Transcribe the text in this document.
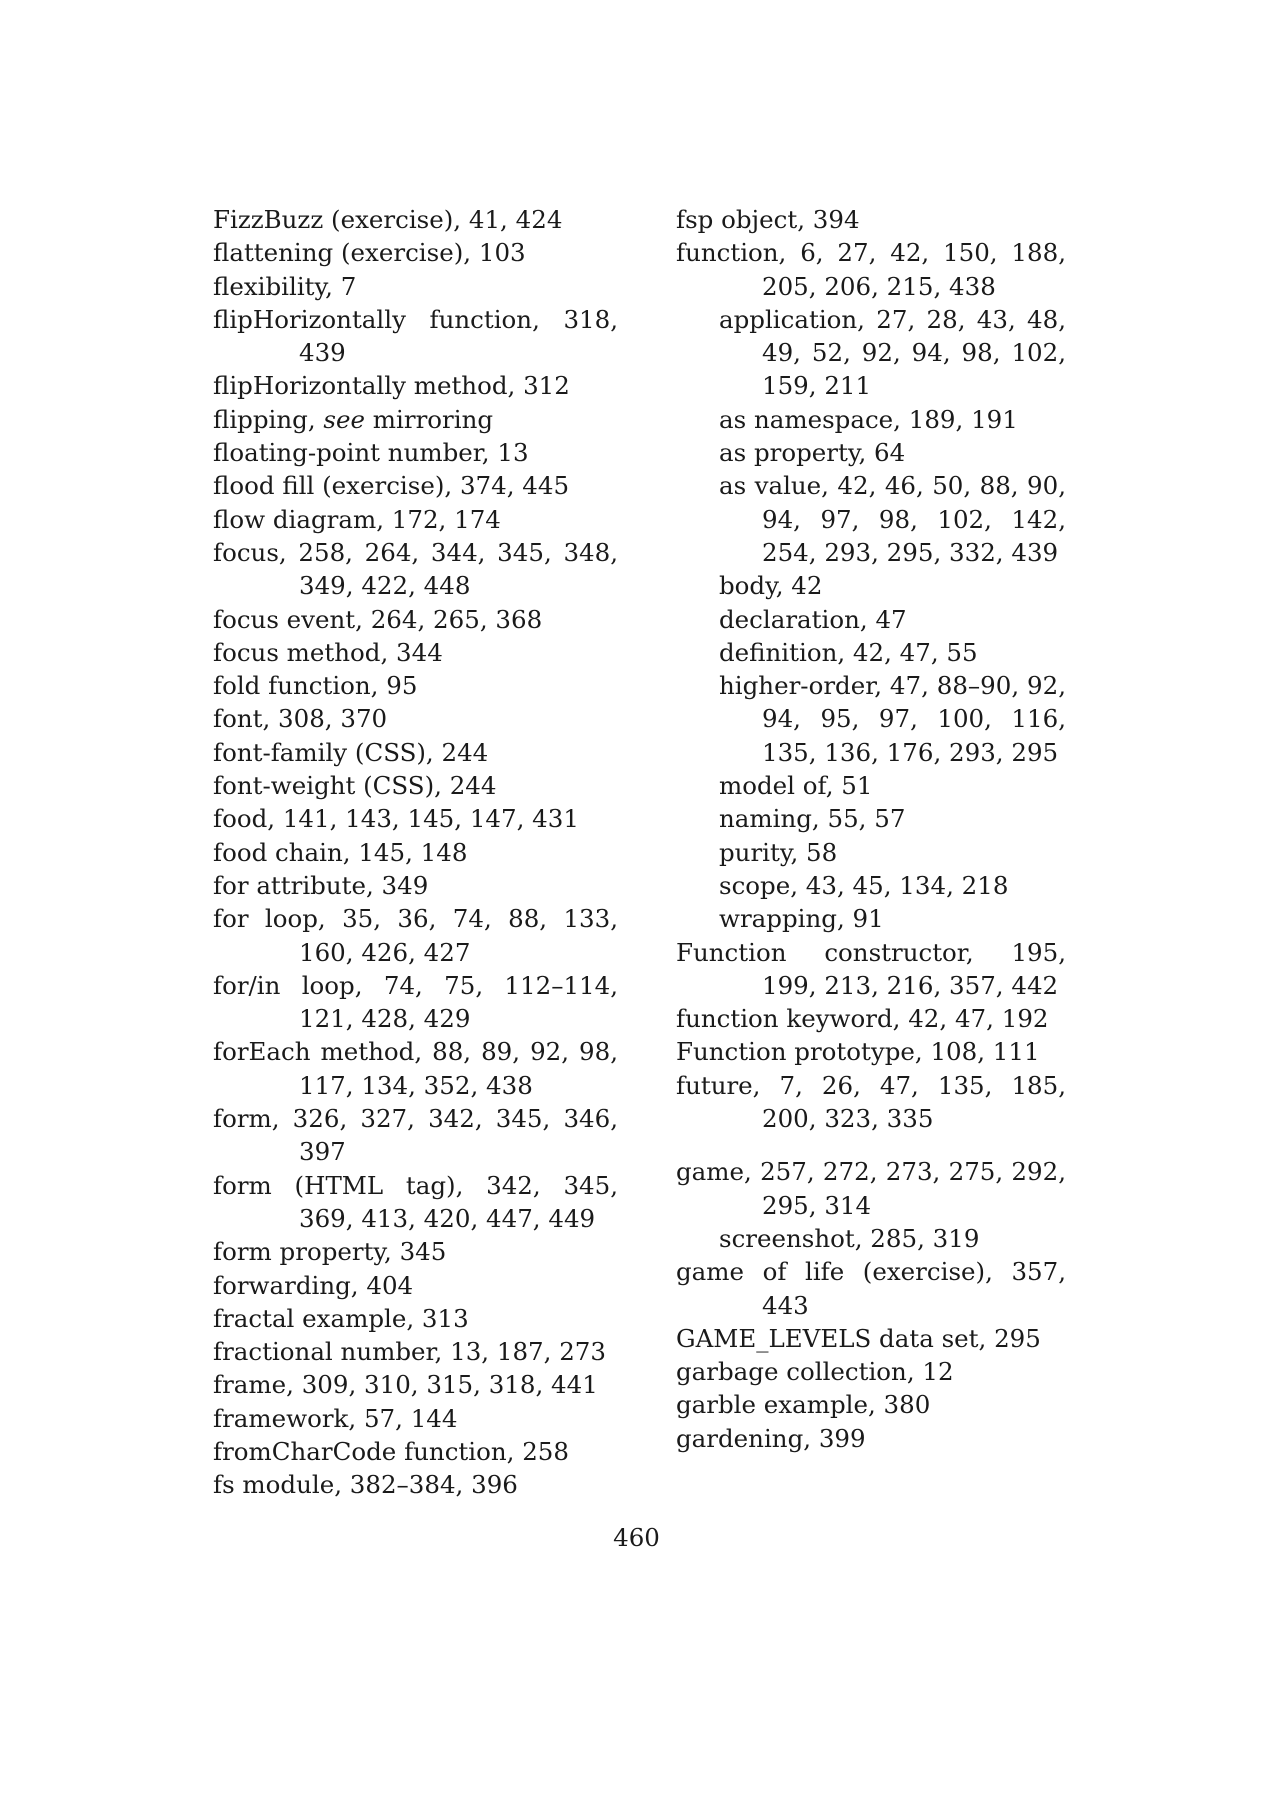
FizzBuzz (exercise), 41, 424
flattening (exercise), 103
flexibility, 7
flipHorizontally function, 318, 439
flipHorizontally method, 312
flipping, see mirroring
floating-point number, 13
flood fill (exercise), 374, 445
flow diagram, 172, 174
focus, 258, 264, 344, 345, 348, 349, 422, 448
focus event, 264, 265, 368
focus method, 344
fold function, 95
font, 308, 370
font-family (CSS), 244
font-weight (CSS), 244
food, 141, 143, 145, 147, 431
food chain, 145, 148
for attribute, 349
for loop, 35, 36, 74, 88, 133, 160, 426, 427
for/in loop, 74, 75, 112–114, 121, 428, 429
forEach method, 88, 89, 92, 98, 117, 134, 352, 438
form, 326, 327, 342, 345, 346, 397
form (HTML tag), 342, 345, 369, 413, 420, 447, 449
form property, 345
forwarding, 404
fractal example, 313
fractional number, 13, 187, 273
frame, 309, 310, 315, 318, 441
framework, 57, 144
fromCharCode function, 258
fs module, 382–384, 396
fsp object, 394
function, 6, 27, 42, 150, 188, 205, 206, 215, 438
application, 27, 28, 43, 48, 49, 52, 92, 94, 98, 102, 159, 211
as namespace, 189, 191
as property, 64
as value, 42, 46, 50, 88, 90, 94, 97, 98, 102, 142, 254, 293, 295, 332, 439
body, 42
declaration, 47
definition, 42, 47, 55
higher-order, 47, 88–90, 92, 94, 95, 97, 100, 116, 135, 136, 176, 293, 295
model of, 51
naming, 55, 57
purity, 58
scope, 43, 45, 134, 218
wrapping, 91
Function constructor, 195, 199, 213, 216, 357, 442
function keyword, 42, 47, 192
Function prototype, 108, 111
future, 7, 26, 47, 135, 185, 200, 323, 335
game, 257, 272, 273, 275, 292, 295, 314
screenshot, 285, 319
game of life (exercise), 357, 443
GAME_LEVELS data set, 295
garbage collection, 12
garble example, 380
gardening, 399
460
